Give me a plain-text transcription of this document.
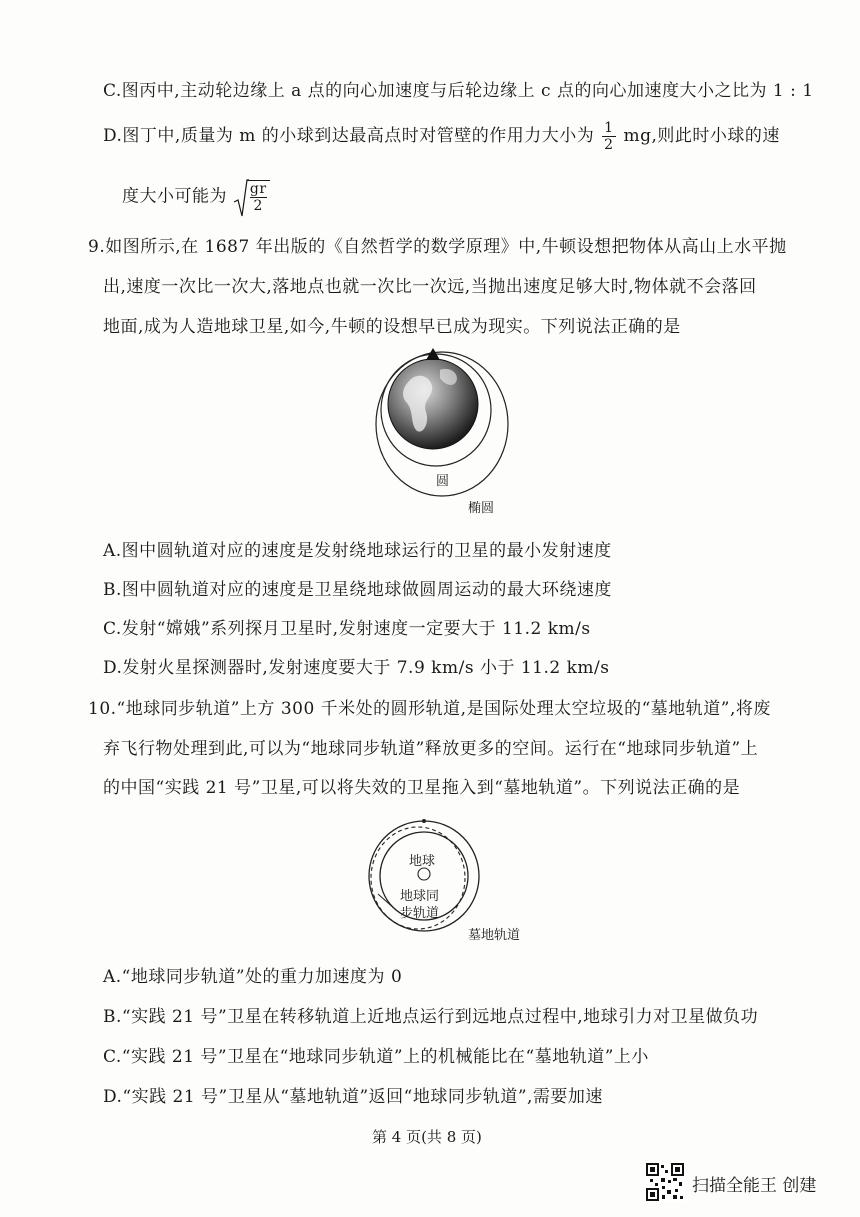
C.图丙中,主动轮边缘上 a 点的向心加速度与后轮边缘上 c 点的向心加速度大小之比为 1 : 1
D.图丁中,质量为 m 的小球到达最高点时对管壁的作用力大小为 $\frac{1}{2}$ mg,则此时小球的速
度大小可能为 $\frac{gr}{2}$
9.如图所示,在 1687 年出版的《自然哲学的数学原理》中,牛顿设想把物体从高山上水平抛
出,速度一次比一次大,落地点也就一次比一次远,当抛出速度足够大时,物体就不会落回
地面,成为人造地球卫星,如今,牛顿的设想早已成为现实。下列说法正确的是
圆
椭圆
A.图中圆轨道对应的速度是发射绕地球运行的卫星的最小发射速度
B.图中圆轨道对应的速度是卫星绕地球做圆周运动的最大环绕速度
C.发射“嫦娥”系列探月卫星时,发射速度一定要大于 11.2 km/s
D.发射火星探测器时,发射速度要大于 7.9 km/s 小于 11.2 km/s
10.“地球同步轨道”上方 300 千米处的圆形轨道,是国际处理太空垃圾的“墓地轨道”,将废
弃飞行物处理到此,可以为“地球同步轨道”释放更多的空间。运行在“地球同步轨道”上
的中国“实践 21 号”卫星,可以将失效的卫星拖入到“墓地轨道”。下列说法正确的是
地球
地球同
步轨道
墓地轨道
A.“地球同步轨道”处的重力加速度为 0
B.“实践 21 号”卫星在转移轨道上近地点运行到远地点过程中,地球引力对卫星做负功
C.“实践 21 号”卫星在“地球同步轨道”上的机械能比在“墓地轨道”上小
D.“实践 21 号”卫星从“墓地轨道”返回“地球同步轨道”,需要加速
第 4 页(共 8 页)
扫描全能王 创建
